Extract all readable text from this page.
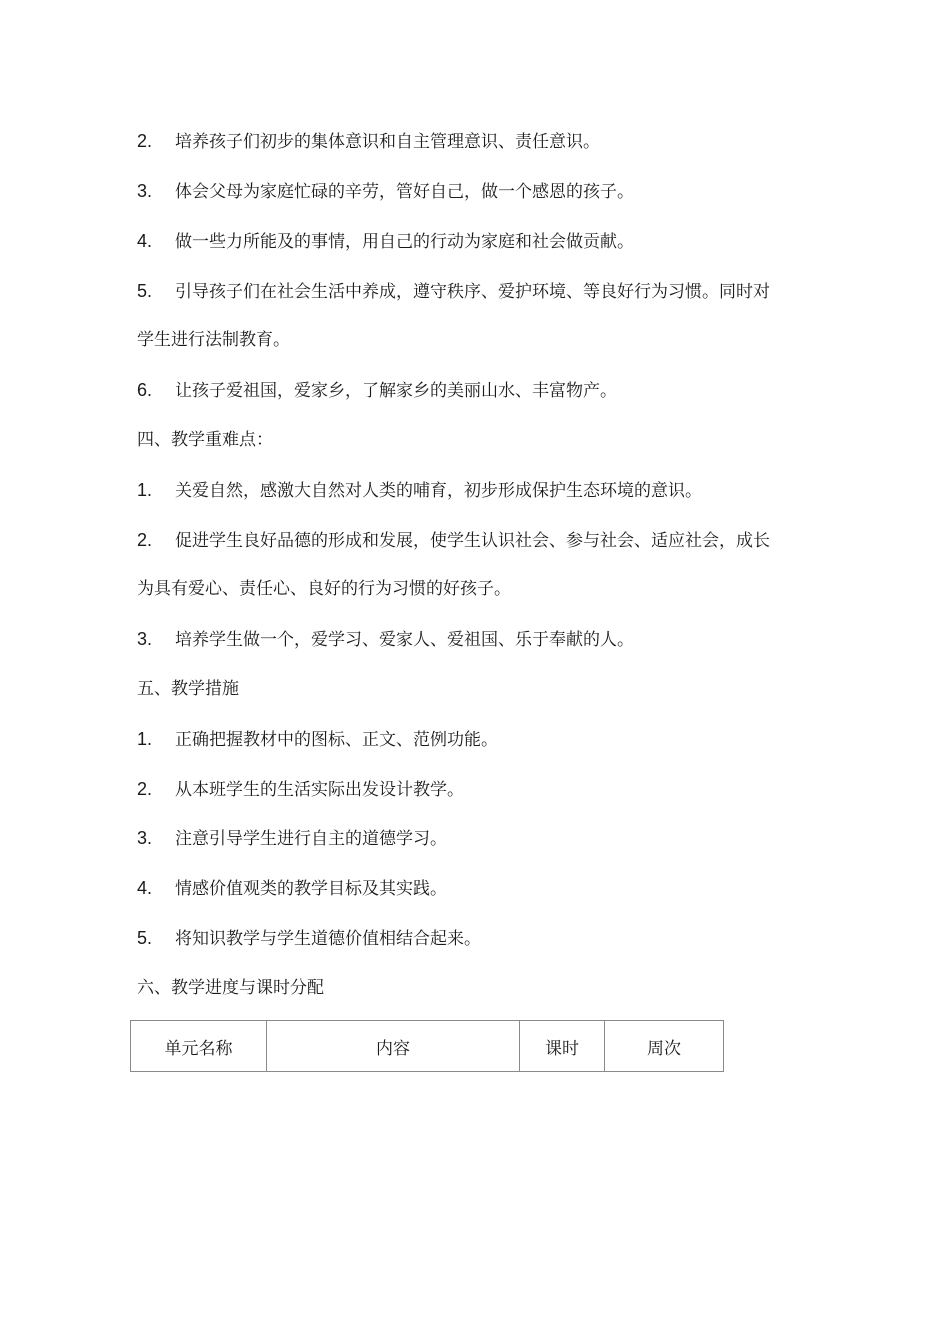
2. 培养孩子们初步的集体意识和自主管理意识、责任意识。
3. 体会父母为家庭忙碌的辛劳，管好自己，做一个感恩的孩子。
4. 做一些力所能及的事情，用自己的行动为家庭和社会做贡献。
5. 引导孩子们在社会生活中养成，遵守秩序、爱护环境、等良好行为习惯。同时对
学生进行法制教育。
6. 让孩子爱祖国，爱家乡，了解家乡的美丽山水、丰富物产。
四、教学重难点：
1. 关爱自然，感激大自然对人类的哺育，初步形成保护生态环境的意识。
2. 促进学生良好品德的形成和发展，使学生认识社会、参与社会、适应社会，成长
为具有爱心、责任心、良好的行为习惯的好孩子。
3. 培养学生做一个，爱学习、爱家人、爱祖国、乐于奉献的人。
五、教学措施
1. 正确把握教材中的图标、正文、范例功能。
2. 从本班学生的生活实际出发设计教学。
3. 注意引导学生进行自主的道德学习。
4. 情感价值观类的教学目标及其实践。
5. 将知识教学与学生道德价值相结合起来。
六、教学进度与课时分配
单元名称	内容	课时	周次
